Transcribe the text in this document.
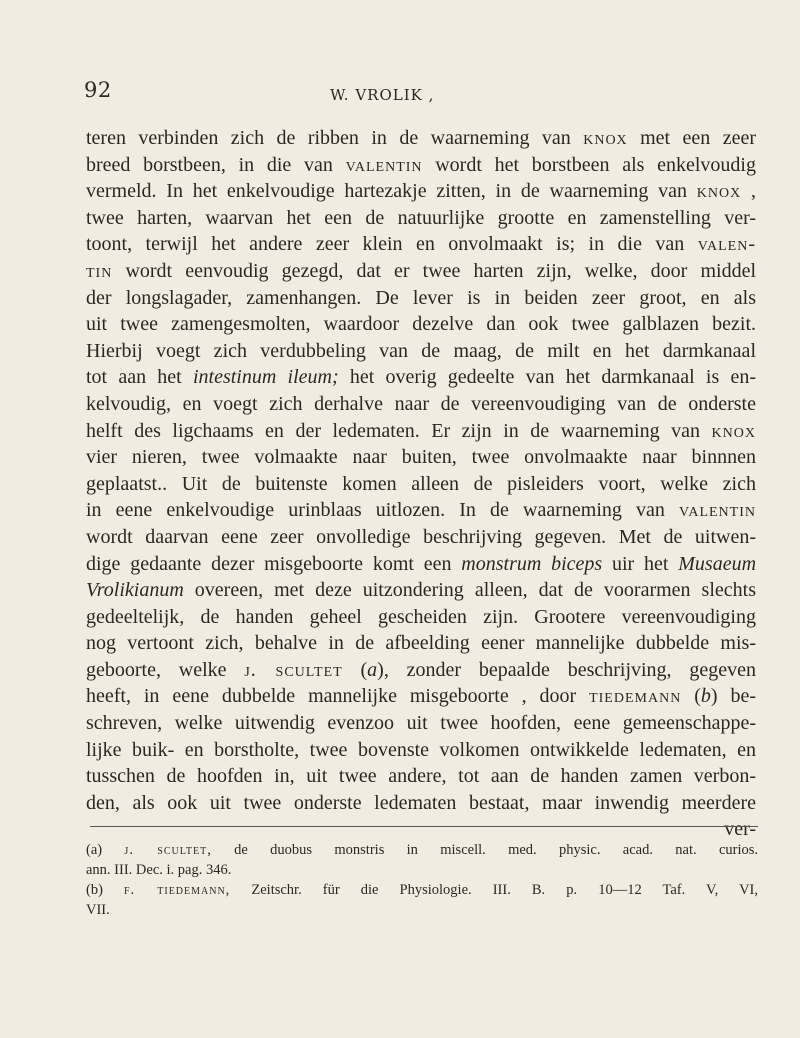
92	W. VROLIK ,
teren verbinden zich de ribben in de waarneming van knox met een zeer
breed borstbeen, in die van valentin wordt het borstbeen als enkelvoudig
vermeld. In het enkelvoudige hartezakje zitten, in de waarneming van knox ,
twee harten, waarvan het een de natuurlijke grootte en zamenstelling ver-
toont, terwijl het andere zeer klein en onvolmaakt is; in die van valen-
tin wordt eenvoudig gezegd, dat er twee harten zijn, welke, door middel
der longslagader, zamenhangen. De lever is in beiden zeer groot, en als
uit twee zamengesmolten, waardoor dezelve dan ook twee galblazen bezit.
Hierbij voegt zich verdubbeling van de maag, de milt en het darmkanaal
tot aan het intestinum ileum; het overig gedeelte van het darmkanaal is en-
kelvoudig, en voegt zich derhalve naar de vereenvoudiging van de onderste
helft des ligchaams en der ledematen. Er zijn in de waarneming van knox
vier nieren, twee volmaakte naar buiten, twee onvolmaakte naar binnnen
geplaatst.. Uit de buitenste komen alleen de pisleiders voort, welke zich
in eene enkelvoudige urinblaas uitlozen. In de waarneming van valentin
wordt daarvan eene zeer onvolledige beschrijving gegeven. Met de uitwen-
dige gedaante dezer misgeboorte komt een monstrum biceps uir het Musaeum
Vrolikianum overeen, met deze uitzondering alleen, dat de voorarmen slechts
gedeeltelijk, de handen geheel gescheiden zijn. Grootere vereenvoudiging
nog vertoont zich, behalve in de afbeelding eener mannelijke dubbelde mis-
geboorte, welke j. scultet (a), zonder bepaalde beschrijving, gegeven
heeft, in eene dubbelde mannelijke misgeboorte , door tiedemann (b) be-
schreven, welke uitwendig evenzoo uit twee hoofden, eene gemeenschappe-
lijke buik- en borstholte, twee bovenste volkomen ontwikkelde ledematen, en
tusschen de hoofden in, uit twee andere, tot aan de handen zamen verbon-
den, als ook uit twee onderste ledematen bestaat, maar inwendig meerdere
ver-
(a) j. scultet, de duobus monstris in miscell. med. physic. acad. nat. curios.
ann. III. Dec. i. pag. 346.
(b) f. tiedemann, Zeitschr. für die Physiologie. III. B. p. 10—12 Taf. V, VI,
VII.
